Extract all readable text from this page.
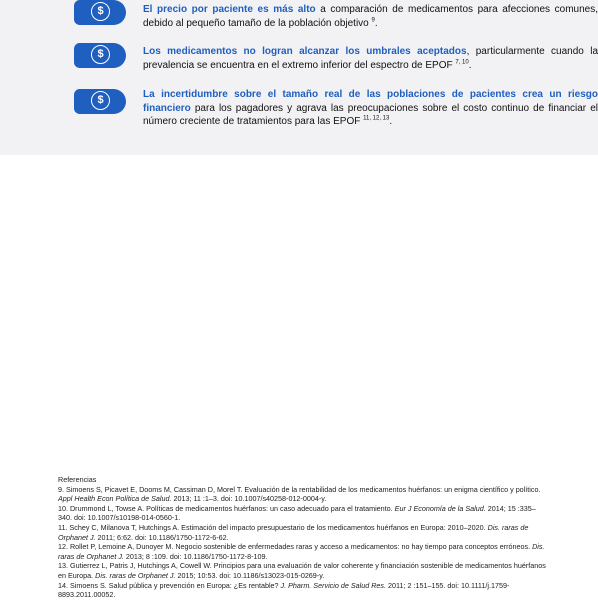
$	El precio por paciente es más alto a comparación de medicamentos para afecciones comunes, debido al pequeño tamaño de la población objetivo $^9$.
$	Los medicamentos no logran alcanzar los umbrales aceptados, particularmente cuando la prevalencia se encuentra en el extremo inferior del espectro de EPOF $^{7, 10}$.
$	La incertidumbre sobre el tamaño real de las poblaciones de pacientes crea un riesgo financiero para los pagadores y agrava las preocupaciones sobre el costo continuo de financiar el número creciente de tratamientos para las EPOF $^{11, 12, 13}$.

Referencias

9. Simoens S, Picavet E, Dooms M, Cassiman D, Morel T. Evaluación de la rentabilidad de los medicamentos huérfanos: un enigma científico y político. Appl Health Econ Política de Salud. 2013; 11 :1–3. doi: 10.1007/s40258-012-0004-y.

10. Drummond L, Towse A. Políticas de medicamentos huérfanos: un caso adecuado para el tratamiento. Eur J Economía de la Salud. 2014; 15 :335–340. doi: 10.1007/s10198-014-0560-1.

11. Schey C, Milanova T, Hutchings A. Estimación del impacto presupuestario de los medicamentos huérfanos en Europa: 2010–2020. Dis. raras de Orphanet J. 2011; 6:62. doi: 10.1186/1750-1172-6-62.

12. Rollet P, Lemoine A, Dunoyer M. Negocio sostenible de enfermedades raras y acceso a medicamentos: no hay tiempo para conceptos erróneos. Dis. raras de Orphanet J. 2013; 8 :109. doi: 10.1186/1750-1172-8-109.

13. Gutierrez L, Patris J, Hutchings A, Cowell W. Principios para una evaluación de valor coherente y financiación sostenible de medicamentos huérfanos en Europa. Dis. raras de Orphanet J. 2015; 10:53. doi: 10.1186/s13023-015-0269-y.

14. Simoens S. Salud pública y prevención en Europa: ¿Es rentable? J. Pharm. Servicio de Salud Res. 2011; 2 :151–155. doi: 10.1111/j.1759-8893.2011.00052.
